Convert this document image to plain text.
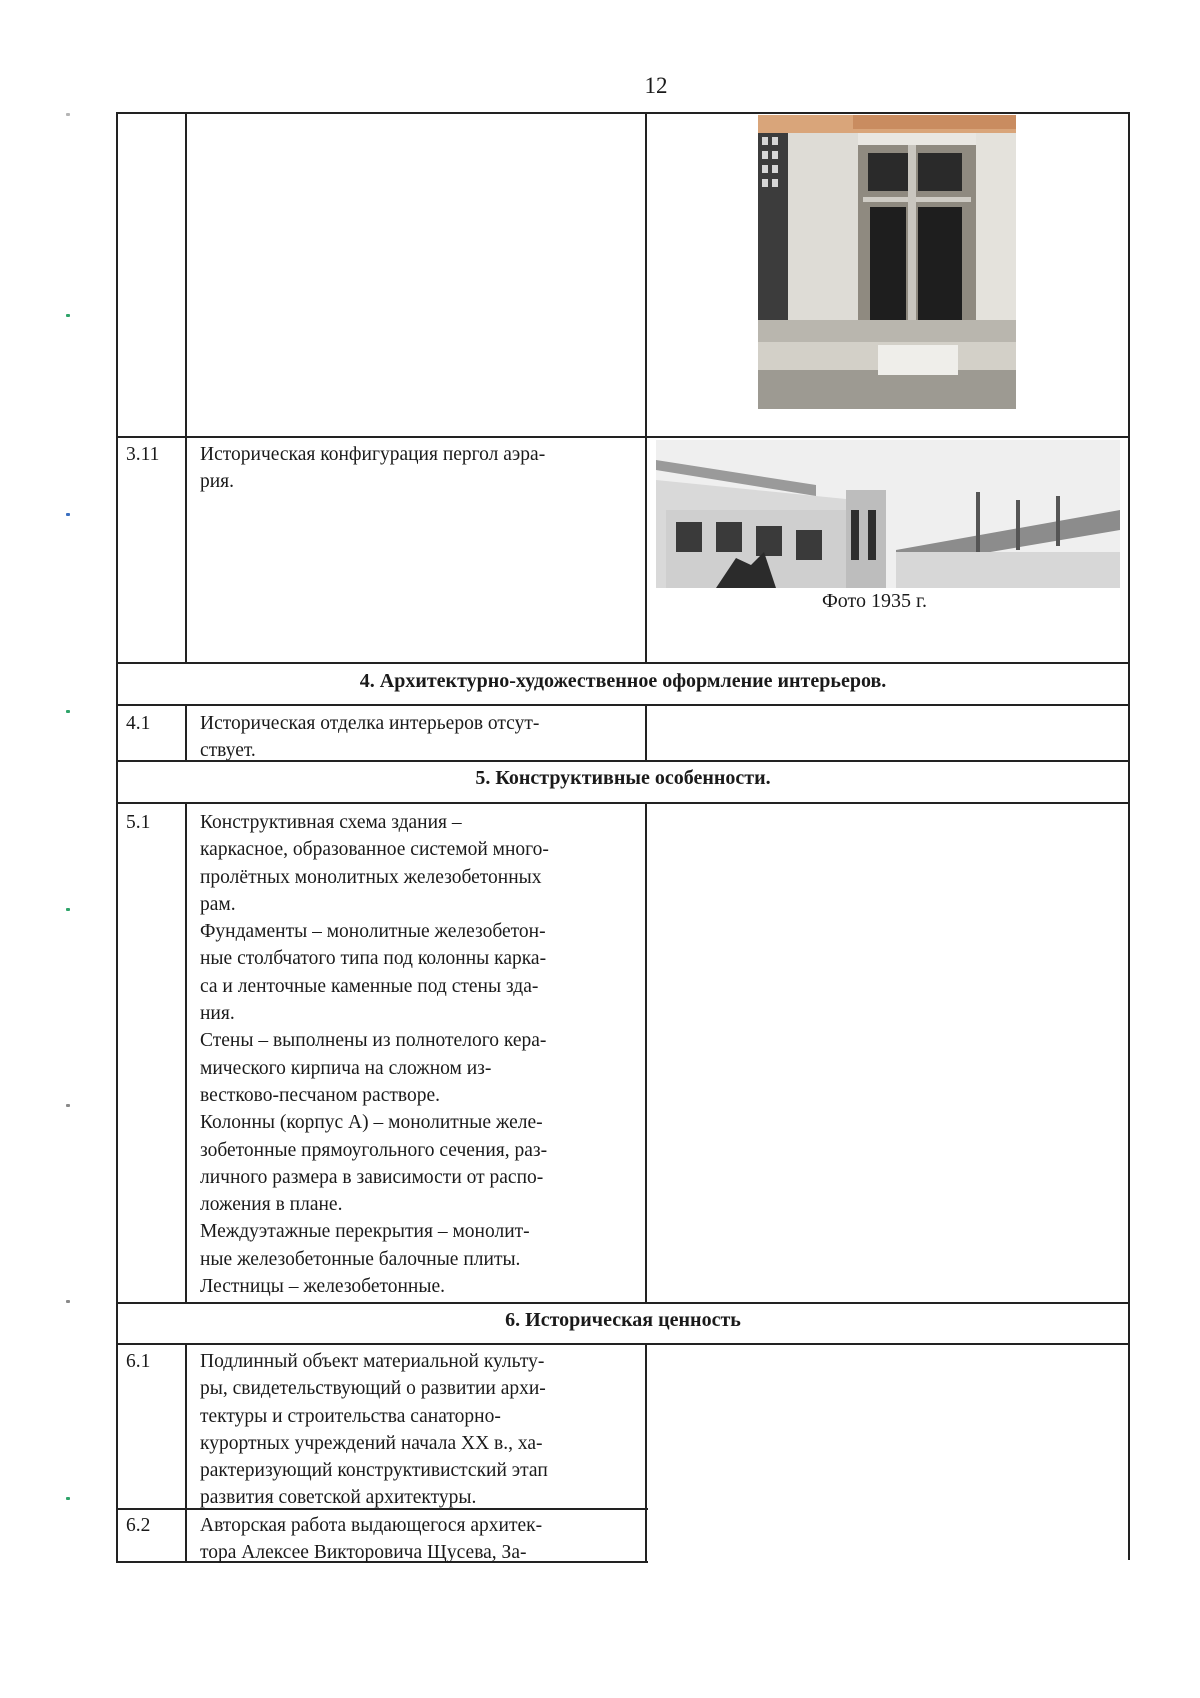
12
Фото 1935 г.
3.11 Историческая конфигурация пергол аэра-
рия.
4. Архитектурно-художественное оформление интерьеров.
4.1	Историческая отделка интерьеров отсут-
ствует.
5. Конструктивные особенности.
5.1	Конструктивная схема здания –
каркасное, образованное системой много-
пролётных монолитных железобетонных
рам.
Фундаменты – монолитные железобетон-
ные столбчатого типа под колонны карка-
са и ленточные каменные под стены зда-
ния.
Стены – выполнены из полнотелого кера-
мического кирпича на сложном из-
вестково-песчаном растворе.
Колонны (корпус А) – монолитные желе-
зобетонные прямоугольного сечения, раз-
личного размера в зависимости от распо-
ложения в плане.
Междуэтажные перекрытия – монолит-
ные железобетонные балочные плиты.
Лестницы – железобетонные.
6. Историческая ценность
6.1	Подлинный объект материальной культу-
ры, свидетельствующий о развитии архи-
тектуры и строительства санаторно-
курортных учреждений начала ХХ в., ха-
рактеризующий конструктивистский этап
развития советской архитектуры.
6.2	Авторская работа выдающегося архитек-
тора Алексее Викторовича Щусева, За-
